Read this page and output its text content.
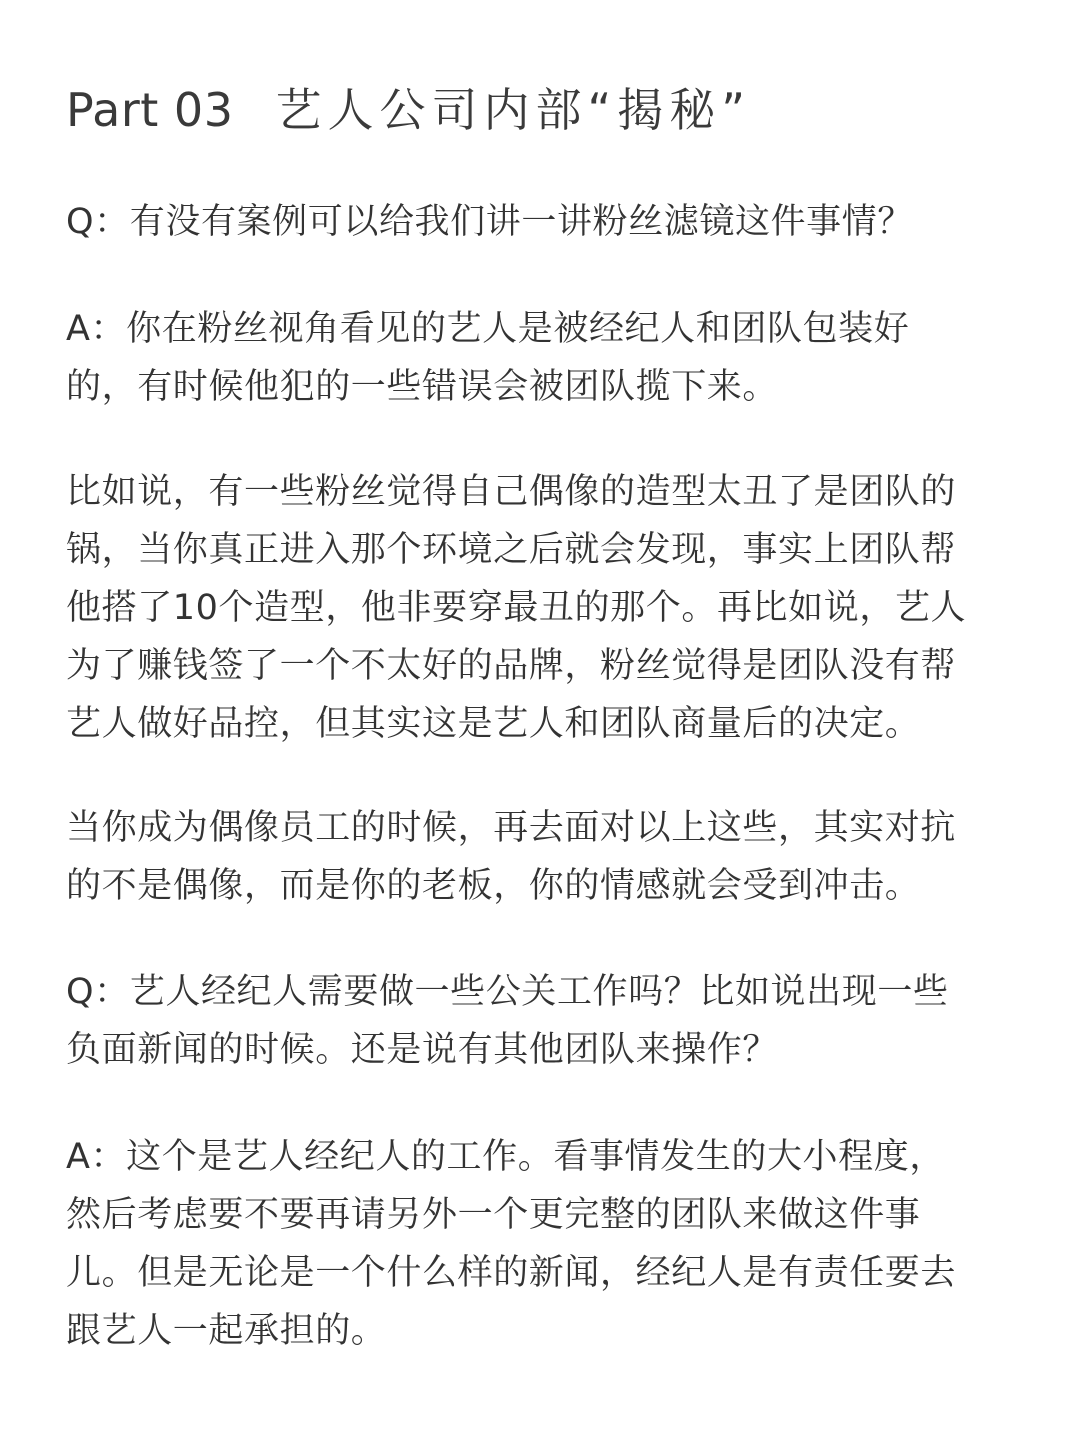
Part 03 艺人公司内部“揭秘”
Q：有没有案例可以给我们讲一讲粉丝滤镜这件事情？
A：你在粉丝视角看见的艺人是被经纪人和团队包装好
的，有时候他犯的一些错误会被团队揽下来。
比如说，有一些粉丝觉得自己偶像的造型太丑了是团队的
锅，当你真正进入那个环境之后就会发现，事实上团队帮
他搭了10个造型，他非要穿最丑的那个。再比如说，艺人
为了赚钱签了一个不太好的品牌，粉丝觉得是团队没有帮
艺人做好品控，但其实这是艺人和团队商量后的决定。
当你成为偶像员工的时候，再去面对以上这些，其实对抗
的不是偶像，而是你的老板，你的情感就会受到冲击。
Q：艺人经纪人需要做一些公关工作吗？比如说出现一些
负面新闻的时候。还是说有其他团队来操作？
A：这个是艺人经纪人的工作。看事情发生的大小程度，
然后考虑要不要再请另外一个更完整的团队来做这件事
儿。但是无论是一个什么样的新闻，经纪人是有责任要去
跟艺人一起承担的。
